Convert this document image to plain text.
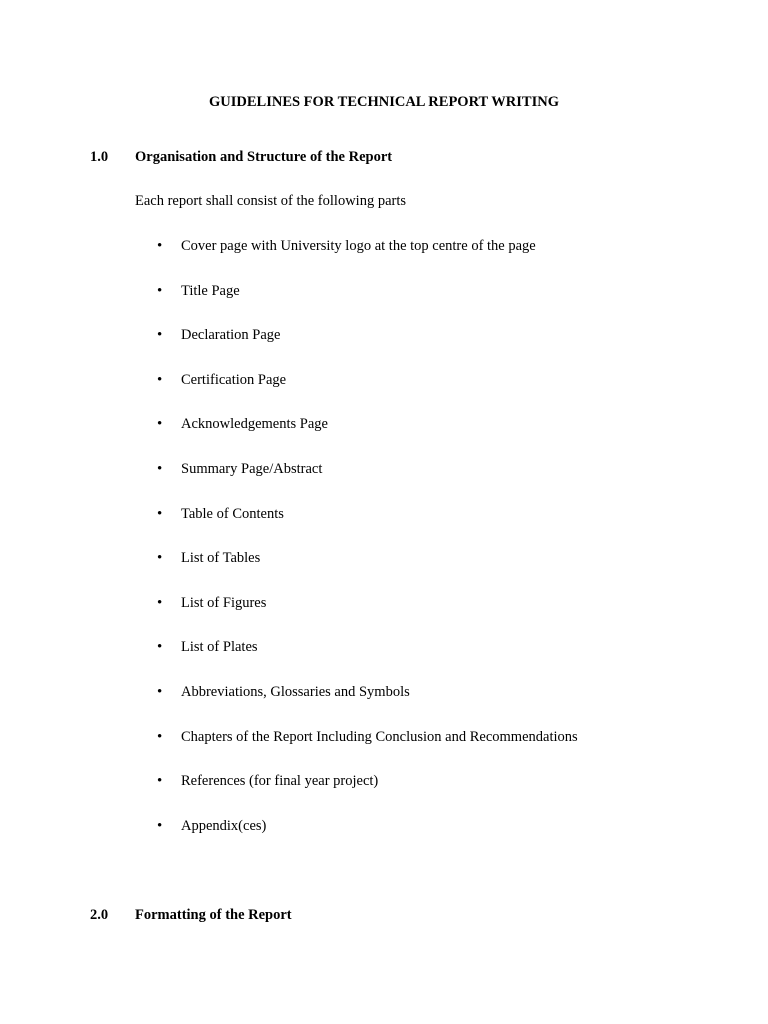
GUIDELINES FOR TECHNICAL REPORT WRITING
1.0 Organisation and Structure of the Report
Each report shall consist of the following parts
• Cover page with University logo at the top centre of the page
• Title Page
• Declaration Page
• Certification Page
• Acknowledgements Page
• Summary Page/Abstract
• Table of Contents
• List of Tables
• List of Figures
• List of Plates
• Abbreviations, Glossaries and Symbols
• Chapters of the Report Including Conclusion and Recommendations
• References (for final year project)
• Appendix(ces)
2.0 Formatting of the Report
